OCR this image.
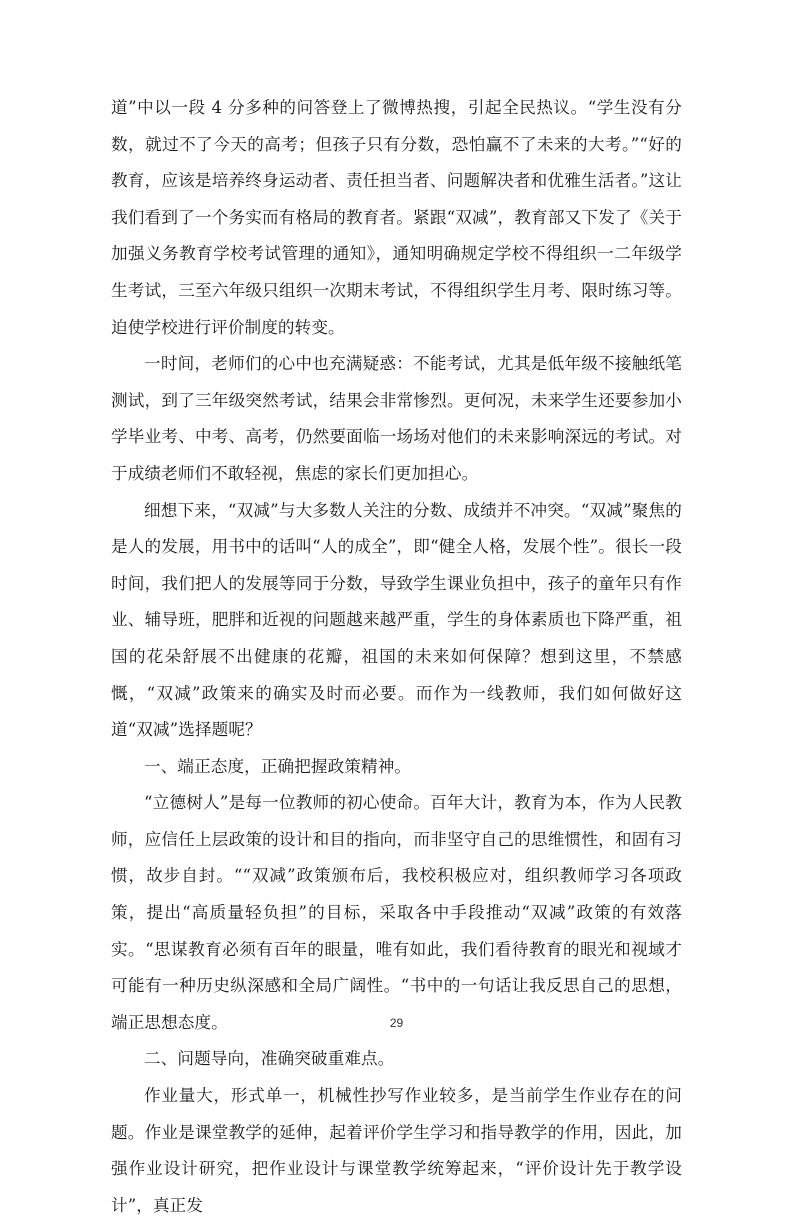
道”中以一段 4 分多种的问答登上了微博热搜，引起全民热议。“学生没有分数，就过不了今天的高考；但孩子只有分数，恐怕赢不了未来的大考。”“好的教育，应该是培养终身运动者、责任担当者、问题解决者和优雅生活者。”这让我们看到了一个务实而有格局的教育者。紧跟“双减”，教育部又下发了《关于加强义务教育学校考试管理的通知》，通知明确规定学校不得组织一二年级学生考试，三至六年级只组织一次期末考试，不得组织学生月考、限时练习等。迫使学校进行评价制度的转变。

一时间，老师们的心中也充满疑惑：不能考试，尤其是低年级不接触纸笔测试，到了三年级突然考试，结果会非常惨烈。更何况，未来学生还要参加小学毕业考、中考、高考，仍然要面临一场场对他们的未来影响深远的考试。对于成绩老师们不敢轻视，焦虑的家长们更加担心。

细想下来，“双减”与大多数人关注的分数、成绩并不冲突。“双减”聚焦的是人的发展，用书中的话叫“人的成全”，即“健全人格，发展个性”。很长一段时间，我们把人的发展等同于分数，导致学生课业负担中，孩子的童年只有作业、辅导班，肥胖和近视的问题越来越严重，学生的身体素质也下降严重，祖国的花朵舒展不出健康的花瓣，祖国的未来如何保障？想到这里，不禁感慨，“双减”政策来的确实及时而必要。而作为一线教师，我们如何做好这道“双减”选择题呢？

一、端正态度，正确把握政策精神。

“立德树人”是每一位教师的初心使命。百年大计，教育为本，作为人民教师，应信任上层政策的设计和目的指向，而非坚守自己的思维惯性，和固有习惯，故步自封。““双减”政策颁布后，我校积极应对，组织教师学习各项政策，提出“高质量轻负担”的目标，采取各中手段推动“双减”政策的有效落实。“思谋教育必须有百年的眼量，唯有如此，我们看待教育的眼光和视域才可能有一种历史纵深感和全局广阔性。“书中的一句话让我反思自己的思想，端正思想态度。

二、问题导向，准确突破重难点。

作业量大，形式单一，机械性抄写作业较多，是当前学生作业存在的问题。作业是课堂教学的延伸，起着评价学生学习和指导教学的作用，因此，加强作业设计研究，把作业设计与课堂教学统筹起来，“评价设计先于教学设计”，真正发

29
